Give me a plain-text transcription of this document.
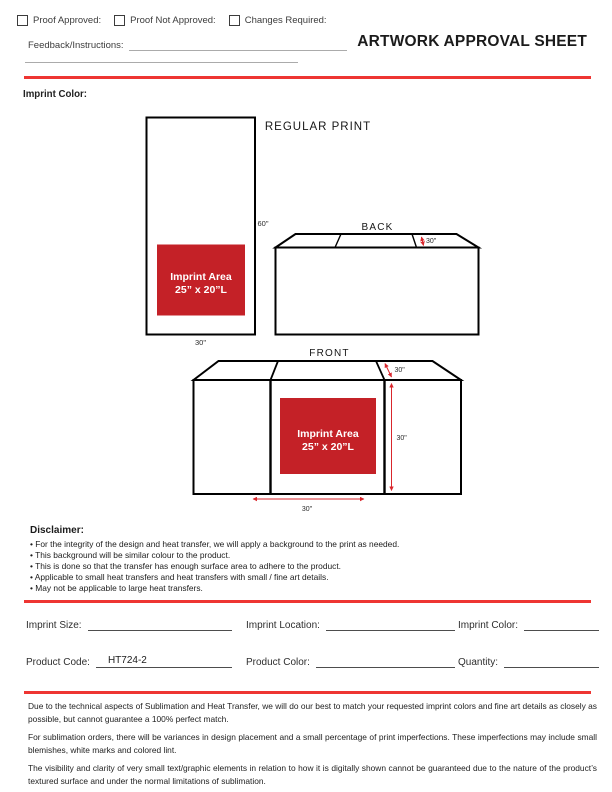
Proof Approved:	Proof Not Approved:	Changes Required:
Feedback/Instructions:	ARTWORK APPROVAL SHEET
Imprint Color:
REGULAR PRINT
Imprint Area
25” x 20”L
60"
30"
BACK
30"
FRONT
Imprint Area
25” x 20”L
30"
30"
30"
Disclaimer:
• For the integrity of the design and heat transfer, we will apply a background to the print as needed.
• This background will be similar colour to the product.
• This is done so that the transfer has enough surface area to adhere to the product.
• Applicable to small heat transfers and heat transfers with small / fine art details.
• May not be applicable to large heat transfers.
Imprint Size:	Imprint Location:	Imprint Color:
Product Code: HT724-2	Product Color:	Quantity:

Due to the technical aspects of Sublimation and Heat Transfer, we will do our best to match your requested imprint colors and fine art details as closely as possible, but cannot guarantee a 100% perfect match.

For sublimation orders, there will be variances in design placement and a small percentage of print imperfections. These imperfections may include small blemishes, white marks and colored lint.

The visibility and clarity of very small text/graphic elements in relation to how it is digitally shown cannot be guaranteed due to the nature of the product’s textured surface and under the normal limitations of sublimation.
